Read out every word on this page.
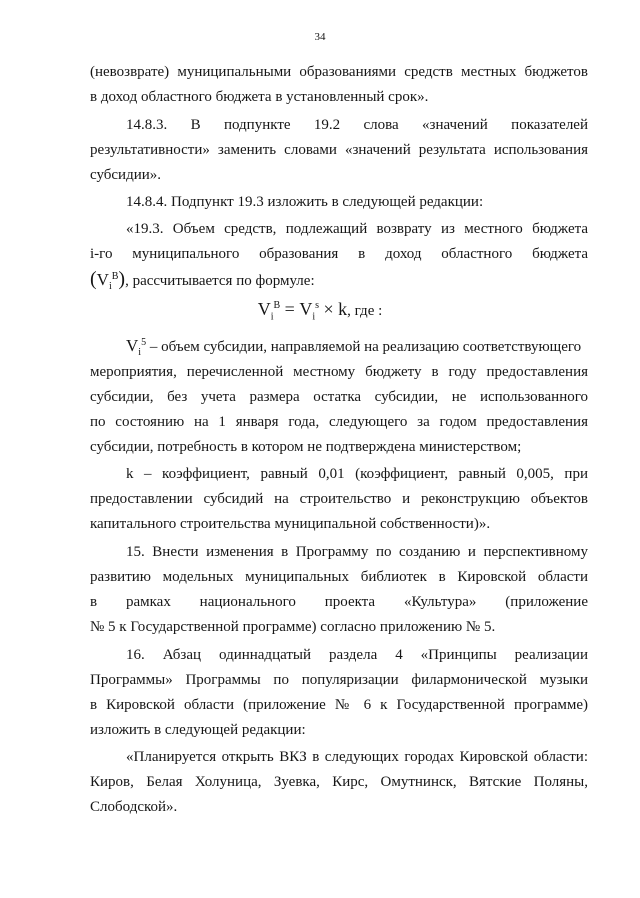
34
(невозврате) муниципальными образованиями средств местных бюджетов
в доход областного бюджета в установленный срок».
14.8.3. В подпункте 19.2 слова «значений показателей
результативности» заменить словами «значений результата использования
субсидии».
14.8.4. Подпункт 19.3 изложить в следующей редакции:
«19.3. Объем средств, подлежащий возврату из местного бюджета
i-го муниципального образования в доход областного бюджета
$(V_i^B)$, рассчитывается по формуле:
$V_i^B = V_i^s \times k$, где :
$V_i^5$ – объем субсидии, направляемой на реализацию соответствующего
мероприятия, перечисленной местному бюджету в году предоставления
субсидии, без учета размера остатка субсидии, не использованного
по состоянию на 1 января года, следующего за годом предоставления
субсидии, потребность в котором не подтверждена министерством;
k – коэффициент, равный 0,01 (коэффициент, равный 0,005, при
предоставлении субсидий на строительство и реконструкцию объектов
капитального строительства муниципальной собственности)».
15. Внести изменения в Программу по созданию и перспективному
развитию модельных муниципальных библиотек в Кировской области
в рамках национального проекта «Культура» (приложение
№ 5 к Государственной программе) согласно приложению № 5.
16. Абзац одиннадцатый раздела 4 «Принципы реализации
Программы» Программы по популяризации филармонической музыки
в Кировской области (приложение № 6 к Государственной программе)
изложить в следующей редакции:
«Планируется открыть ВКЗ в следующих городах Кировской области:
Киров, Белая Холуница, Зуевка, Кирс, Омутнинск, Вятские Поляны,
Слободской».
